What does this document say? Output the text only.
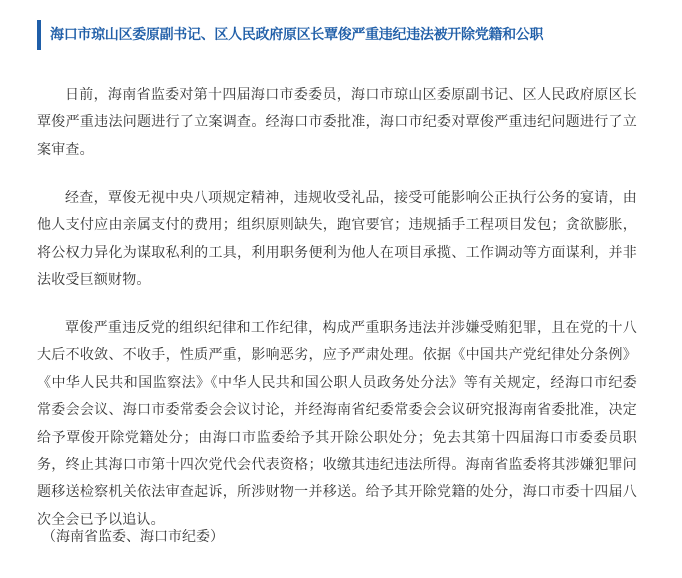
海口市琼山区委原副书记、区人民政府原区长覃俊严重违纪违法被开除党籍和公职

日前，海南省监委对第十四届海口市委委员，海口市琼山区委原副书记、区人民政府原区长覃俊严重违法问题进行了立案调查。经海口市委批准，海口市纪委对覃俊严重违纪问题进行了立案审查。

经查，覃俊无视中央八项规定精神，违规收受礼品，接受可能影响公正执行公务的宴请，由他人支付应由亲属支付的费用；组织原则缺失，跑官要官；违规插手工程项目发包；贪欲膨胀，将公权力异化为谋取私利的工具，利用职务便利为他人在项目承揽、工作调动等方面谋利，并非法收受巨额财物。

覃俊严重违反党的组织纪律和工作纪律，构成严重职务违法并涉嫌受贿犯罪，且在党的十八大后不收敛、不收手，性质严重，影响恶劣，应予严肃处理。依据《中国共产党纪律处分条例》《中华人民共和国监察法》《中华人民共和国公职人员政务处分法》等有关规定，经海口市纪委常委会会议、海口市委常委会会议讨论，并经海南省纪委常委会会议研究报海南省委批准，决定给予覃俊开除党籍处分；由海口市监委给予其开除公职处分；免去其第十四届海口市委委员职务，终止其海口市第十四次党代会代表资格；收缴其违纪违法所得。海南省监委将其涉嫌犯罪问题移送检察机关依法审查起诉，所涉财物一并移送。给予其开除党籍的处分，海口市委十四届八次全会已予以追认。

（海南省监委、海口市纪委）
